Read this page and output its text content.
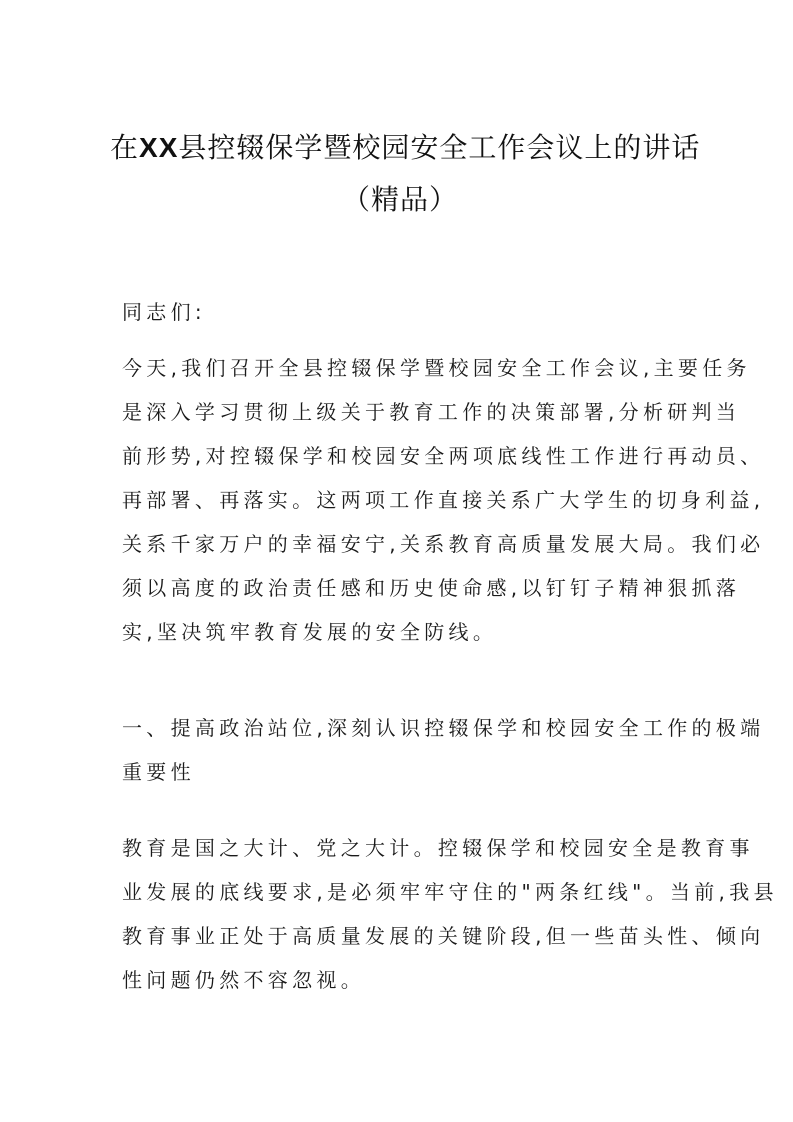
在XX县控辍保学暨校园安全工作会议上的讲话
（精品）
同志们:
今天,我们召开全县控辍保学暨校园安全工作会议,主要任务
是深入学习贯彻上级关于教育工作的决策部署,分析研判当
前形势,对控辍保学和校园安全两项底线性工作进行再动员、
再部署、再落实。这两项工作直接关系广大学生的切身利益,
关系千家万户的幸福安宁,关系教育高质量发展大局。我们必
须以高度的政治责任感和历史使命感,以钉钉子精神狠抓落
实,坚决筑牢教育发展的安全防线。
一、提高政治站位,深刻认识控辍保学和校园安全工作的极端
重要性
教育是国之大计、党之大计。控辍保学和校园安全是教育事
业发展的底线要求,是必须牢牢守住的"两条红线"。当前,我县
教育事业正处于高质量发展的关键阶段,但一些苗头性、倾向
性问题仍然不容忽视。
